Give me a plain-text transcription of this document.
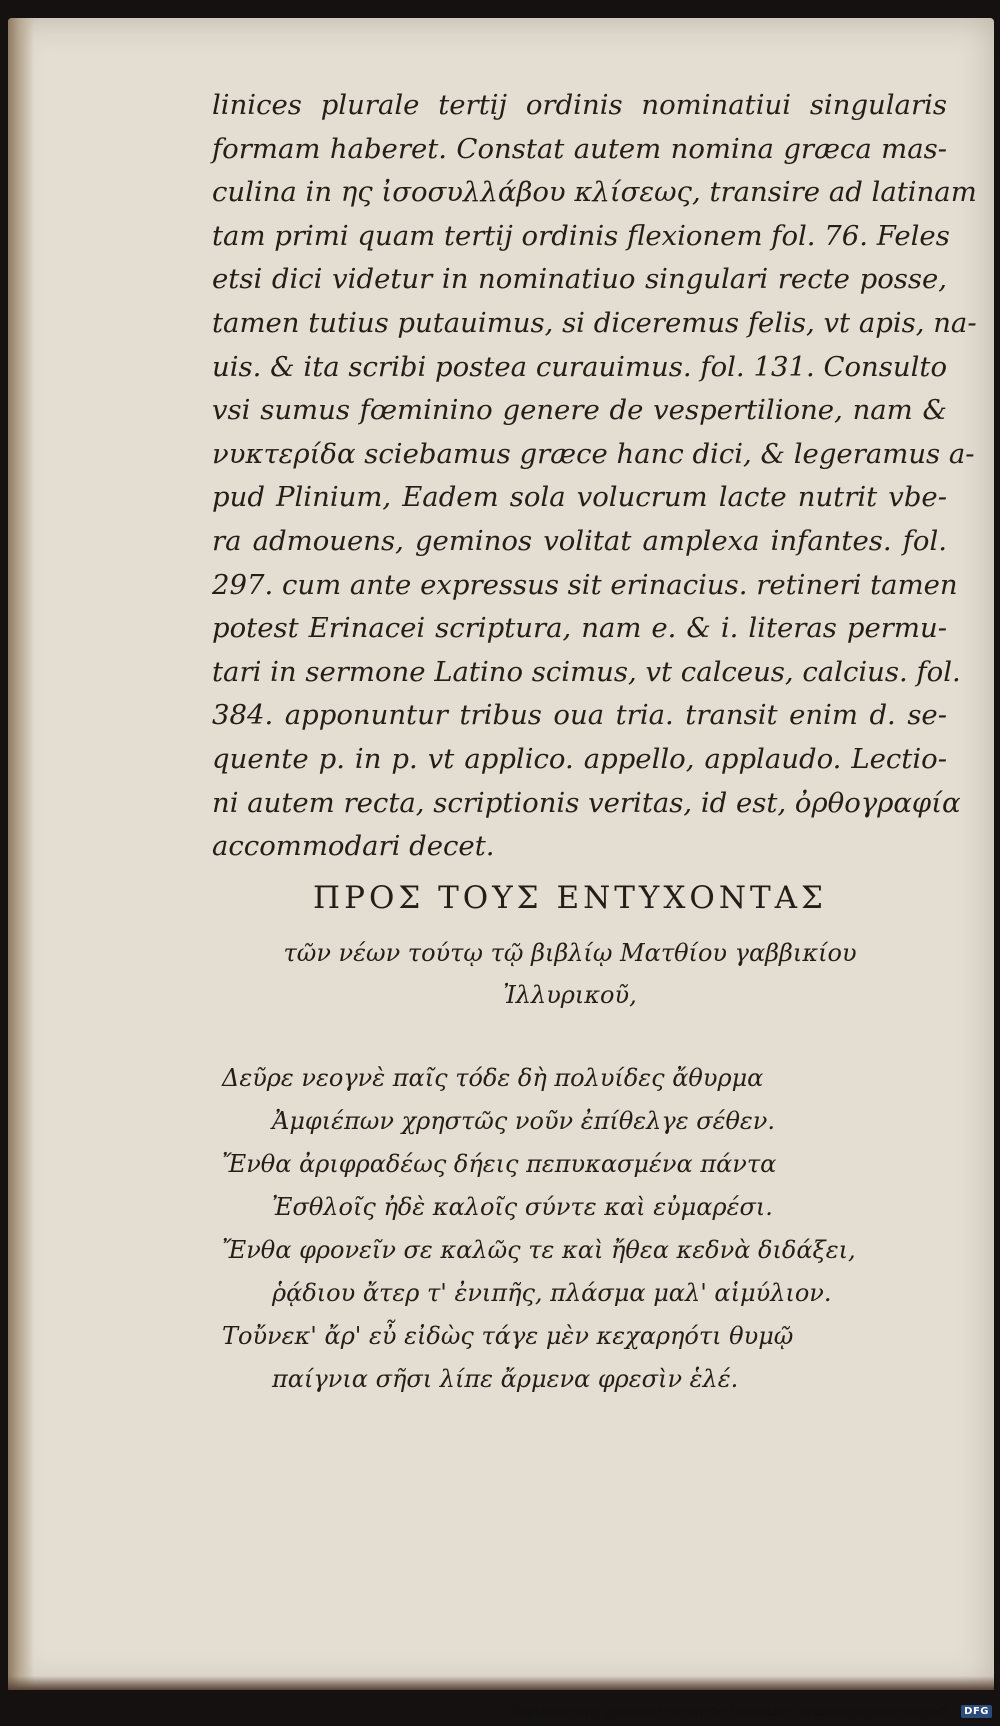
linices plurale tertij ordinis nominatiui singularis
formam haberet. Constat autem nomina græca mas-
culina in ης ἰσοσυλλάβου κλίσεως, transire ad latinam
tam primi quam tertij ordinis flexionem fol. 76. Feles
etsi dici videtur in nominatiuo singulari recte posse,
tamen tutius putauimus, si diceremus felis, vt apis, na-
uis. & ita scribi postea curauimus. fol. 131. Consulto
vsi sumus fœminino genere de vespertilione, nam &
νυκτερίδα sciebamus græce hanc dici, & legeramus a-
pud Plinium, Eadem sola volucrum lacte nutrit vbe-
ra admouens, geminos volitat amplexa infantes. fol.
297. cum ante expressus sit erinacius. retineri tamen
potest Erinacei scriptura, nam e. & i. literas permu-
tari in sermone Latino scimus, vt calceus, calcius. fol.
384. apponuntur tribus oua tria. transit enim d. se-
quente p. in p. vt applico. appello, applaudo. Lectio-
ni autem recta, scriptionis veritas, id est, ὀρθογραφία
accommodari decet.
ΠΡΟΣ ΤΟΥΣ ΕΝΤΥΧΟΝΤΑΣ
τῶν νέων τούτῳ τῷ βιβλίῳ Ματθίου γαββικίου
Ἰλλυρικοῦ,
Δεῦρε νεογνὲ παῖς τόδε δὴ πολυίδες ἄθυρμα
Ἀμφιέπων χρηστῶς νοῦν ἐπίθελγε σέθεν.
Ἔνθα ἀριφραδέως δήεις πεπυκασμένα πάντα
Ἐσθλοῖς ἠδὲ καλοῖς σύντε καὶ εὐμαρέσι.
Ἔνθα φρονεῖν σε καλῶς τε καὶ ἤθεα κεδνὰ διδάξει,
ῥᾴδιου ἄτερ τ' ἐνιπῆς, πλάσμα μαλ' αἱμύλιον.
Τοὔνεκ' ἄρ' εὖ εἰδὼς τάγε μὲν κεχαρηότι θυμῷ
παίγνια σῆσι λίπε ἄρμενα φρεσὶν ἑλέ.
Digitalisierung gefördert durch die Deutsche Forschungsgemeinschaft - DFG
